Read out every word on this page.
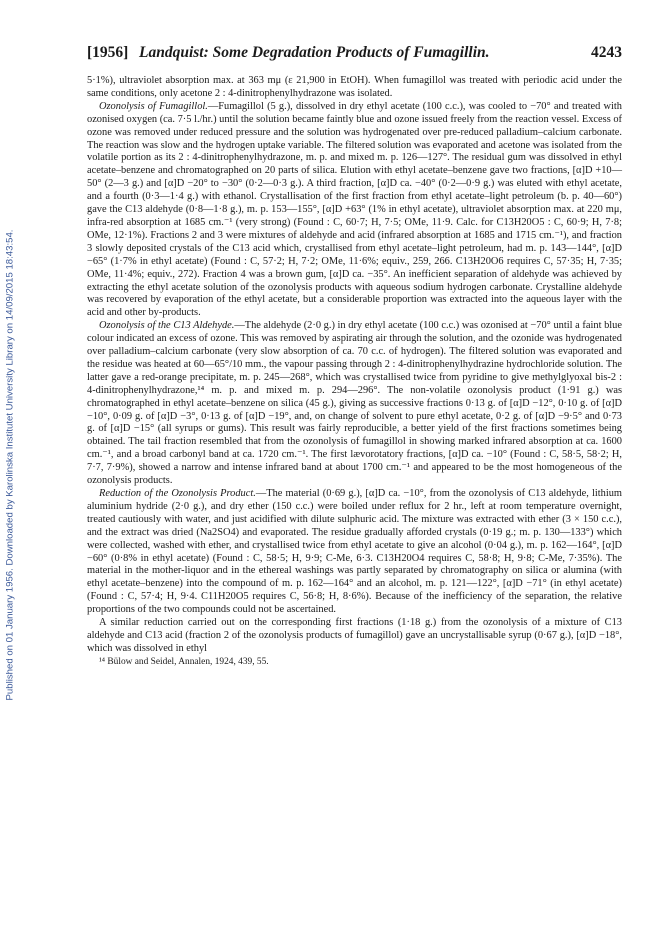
Published on 01 January 1956. Downloaded by Karolinska Institutet University Library on 14/09/2015 18:43:54.
[1956] Landquist: Some Degradation Products of Fumagillin.	4243

5·1%), ultraviolet absorption max. at 363 mμ (ε 21,900 in EtOH). When fumagillol was treated with periodic acid under the same conditions, only acetone 2 : 4-dinitrophenylhydrazone was isolated.

Ozonolysis of Fumagillol.—Fumagillol (5 g.), dissolved in dry ethyl acetate (100 c.c.), was cooled to −70° and treated with ozonised oxygen (ca. 7·5 l./hr.) until the solution became faintly blue and ozone issued freely from the reaction vessel. Excess of ozone was removed under reduced pressure and the solution was hydrogenated over pre-reduced palladium–calcium carbonate. The reaction was slow and the hydrogen uptake variable. The filtered solution was evaporated and acetone was isolated from the volatile portion as its 2 : 4-dinitrophenylhydrazone, m. p. and mixed m. p. 126—127°. The residual gum was dissolved in ethyl acetate–benzene and chromatographed on 20 parts of silica. Elution with ethyl acetate–benzene gave two fractions, [α]D +10—50° (2—3 g.) and [α]D −20° to −30° (0·2—0·3 g.). A third fraction, [α]D ca. −40° (0·2—0·9 g.) was eluted with ethyl acetate, and a fourth (0·3—1·4 g.) with ethanol. Crystallisation of the first fraction from ethyl acetate–light petroleum (b. p. 40—60°) gave the C13 aldehyde (0·8—1·8 g.), m. p. 153—155°, [α]D +63° (1% in ethyl acetate), ultraviolet absorption max. at 220 mμ, infra-red absorption at 1685 cm.⁻¹ (very strong) (Found : C, 60·7; H, 7·5; OMe, 11·9. Calc. for C13H20O5 : C, 60·9; H, 7·8; OMe, 12·1%). Fractions 2 and 3 were mixtures of aldehyde and acid (infrared absorption at 1685 and 1715 cm.⁻¹), and fraction 3 slowly deposited crystals of the C13 acid which, crystallised from ethyl acetate–light petroleum, had m. p. 143—144°, [α]D −65° (1·7% in ethyl acetate) (Found : C, 57·2; H, 7·2; OMe, 11·6%; equiv., 259, 266. C13H20O6 requires C, 57·35; H, 7·35; OMe, 11·4%; equiv., 272). Fraction 4 was a brown gum, [α]D ca. −35°. An inefficient separation of aldehyde was achieved by extracting the ethyl acetate solution of the ozonolysis products with aqueous sodium hydrogen carbonate. Crystalline aldehyde was recovered by evaporation of the ethyl acetate, but a considerable proportion was extracted into the aqueous layer with the acid and other by-products.

Ozonolysis of the C13 Aldehyde.—The aldehyde (2·0 g.) in dry ethyl acetate (100 c.c.) was ozonised at −70° until a faint blue colour indicated an excess of ozone. This was removed by aspirating air through the solution, and the ozonide was hydrogenated over palladium–calcium carbonate (very slow absorption of ca. 70 c.c. of hydrogen). The filtered solution was evaporated and the residue was heated at 60—65°/10 mm., the vapour passing through 2 : 4-dinitrophenylhydrazine hydrochloride solution. The latter gave a red-orange precipitate, m. p. 245—268°, which was crystallised twice from pyridine to give methylglyoxal bis-2 : 4-dinitrophenylhydrazone,¹⁴ m. p. and mixed m. p. 294—296°. The non-volatile ozonolysis product (1·91 g.) was chromatographed in ethyl acetate–benzene on silica (45 g.), giving as successive fractions 0·13 g. of [α]D −12°, 0·10 g. of [α]D −10°, 0·09 g. of [α]D −3°, 0·13 g. of [α]D −19°, and, on change of solvent to pure ethyl acetate, 0·2 g. of [α]D −9·5° and 0·73 g. of [α]D −15° (all syrups or gums). This result was fairly reproducible, a better yield of the first fractions sometimes being obtained. The tail fraction resembled that from the ozonolysis of fumagillol in showing marked infrared absorption at ca. 1600 cm.⁻¹, and a broad carbonyl band at ca. 1720 cm.⁻¹. The first lævorotatory fractions, [α]D ca. −10° (Found : C, 58·5, 58·2; H, 7·7, 7·9%), showed a narrow and intense infrared band at about 1700 cm.⁻¹ and appeared to be the most homogeneous of the ozonolysis products.

Reduction of the Ozonolysis Product.—The material (0·69 g.), [α]D ca. −10°, from the ozonolysis of C13 aldehyde, lithium aluminium hydride (2·0 g.), and dry ether (150 c.c.) were boiled under reflux for 2 hr., left at room temperature overnight, treated cautiously with water, and just acidified with dilute sulphuric acid. The mixture was extracted with ether (3 × 150 c.c.), and the extract was dried (Na2SO4) and evaporated. The residue gradually afforded crystals (0·19 g.; m. p. 130—133°) which were collected, washed with ether, and crystallised twice from ethyl acetate to give an alcohol (0·04 g.), m. p. 162—164°, [α]D −60° (0·8% in ethyl acetate) (Found : C, 58·5; H, 9·9; C-Me, 6·3. C13H20O4 requires C, 58·8; H, 9·8; C-Me, 7·35%). The material in the mother-liquor and in the ethereal washings was partly separated by chromatography on silica or alumina (with ethyl acetate–benzene) into the compound of m. p. 162—164° and an alcohol, m. p. 121—122°, [α]D −71° (in ethyl acetate) (Found : C, 57·4; H, 9·4. C11H20O5 requires C, 56·8; H, 8·6%). Because of the inefficiency of the separation, the relative proportions of the two compounds could not be ascertained.

A similar reduction carried out on the corresponding first fractions (1·18 g.) from the ozonolysis of a mixture of C13 aldehyde and C13 acid (fraction 2 of the ozonolysis products of fumagillol) gave an uncrystallisable syrup (0·67 g.), [α]D −18°, which was dissolved in ethyl

¹⁴ Bülow and Seidel, Annalen, 1924, 439, 55.
